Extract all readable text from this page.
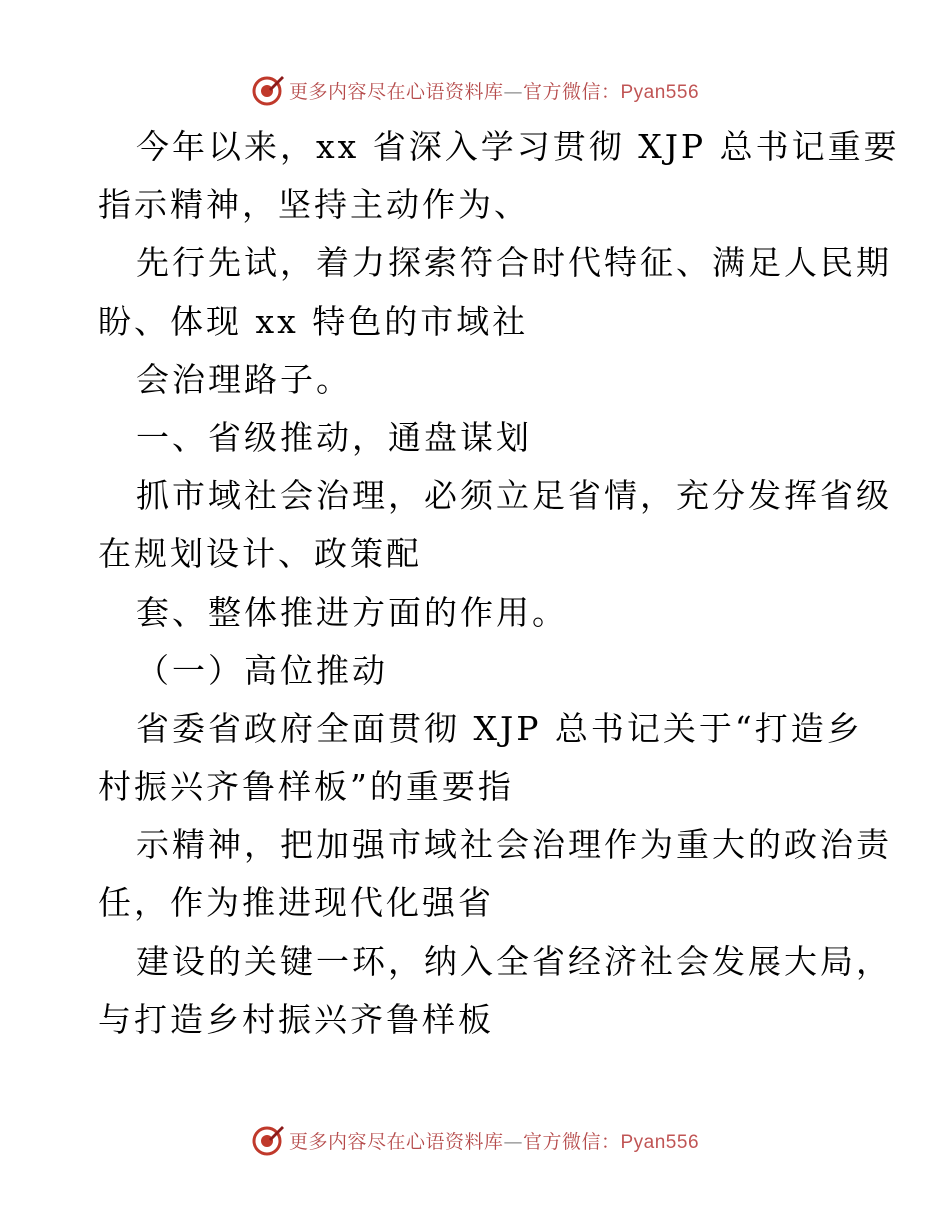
更多内容尽在心语资料库—官方微信：Pyan556
今年以来，xx 省深入学习贯彻 XJP 总书记重要
指示精神，坚持主动作为、
先行先试，着力探索符合时代特征、满足人民期
盼、体现 xx 特色的市域社
会治理路子。
一、省级推动，通盘谋划
抓市域社会治理，必须立足省情，充分发挥省级
在规划设计、政策配
套、整体推进方面的作用。
（一）高位推动
省委省政府全面贯彻 XJP 总书记关于“打造乡
村振兴齐鲁样板”的重要指
示精神，把加强市域社会治理作为重大的政治责
任，作为推进现代化强省
建设的关键一环，纳入全省经济社会发展大局，
与打造乡村振兴齐鲁样板
更多内容尽在心语资料库—官方微信：Pyan556
